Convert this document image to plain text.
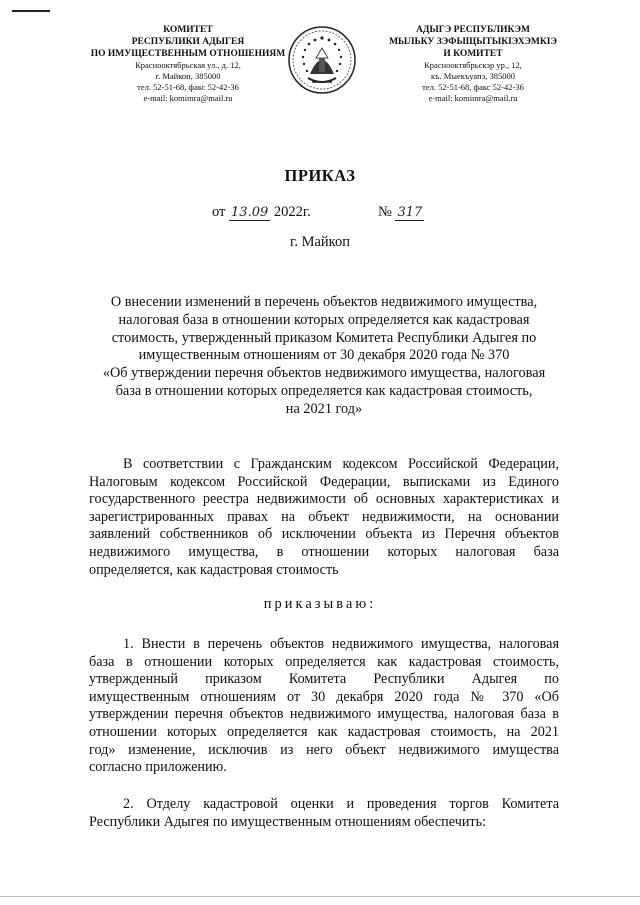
КОМИТЕТ
РЕСПУБЛИКИ АДЫГЕЯ
ПО ИМУЩЕСТВЕННЫМ ОТНОШЕНИЯМ
Краснооктябрьская ул., д. 12,
г. Майкоп, 385000
тел. 52-51-68, факс 52-42-36
e-mail: komimra@mail.ru
АДЫГЭ РЕСПУБЛИКЭМ
МЫЛЬКУ ЗЭФЫЩЫТЫКIЭХЭМКIЭ
И КОМИТЕТ
Краснооктябрьскэр ур., 12,
къ. Мыекъуапэ, 385000
тел. 52-51-68, факс 52-42-36
e-mail: komimra@mail.ru
ПРИКАЗ
от 13.09 2022г.	№ 317
г. Майкоп
О внесении изменений в перечень объектов недвижимого имущества,
налоговая база в отношении которых определяется как кадастровая
стоимость, утвержденный приказом Комитета Республики Адыгея по
имущественным отношениям от 30 декабря 2020 года № 370
«Об утверждении перечня объектов недвижимого имущества, налоговая
база в отношении которых определяется как кадастровая стоимость,
на 2021 год»
В соответствии с Гражданским кодексом Российской Федерации,
Налоговым кодексом Российской Федерации, выписками из Единого
государственного реестра недвижимости об основных характеристиках и
зарегистрированных правах на объект недвижимости, на основании
заявлений собственников об исключении объекта из Перечня объектов
недвижимого имущества, в отношении которых налоговая база
определяется, как кадастровая стоимость
приказываю:
1. Внести в перечень объектов недвижимого имущества, налоговая
база в отношении которых определяется как кадастровая стоимость,
утвержденный приказом Комитета Республики Адыгея по
имущественным отношениям от 30 декабря 2020 года № 370 «Об
утверждении перечня объектов недвижимого имущества, налоговая база в
отношении которых определяется как кадастровая стоимость, на 2021
год» изменение, исключив из него объект недвижимого имущества
согласно приложению.
2. Отделу кадастровой оценки и проведения торгов Комитета
Республики Адыгея по имущественным отношениям обеспечить:
